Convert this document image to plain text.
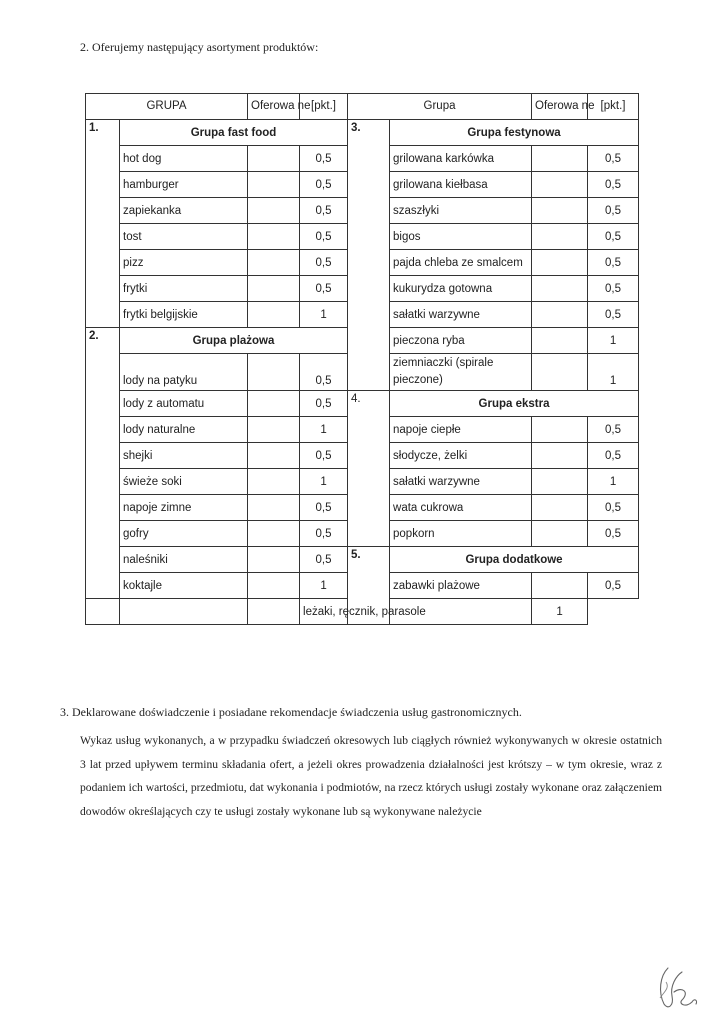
2. Oferujemy następujący asortyment produktów:
GRUPA		Oferowa ne	[pkt.]	Grupa		Oferowa ne	[pkt.]
1.	Grupa fast food			3.	Grupa festynowa		
	hot dog		0,5		grilowana karkówka		0,5
	hamburger		0,5		grilowana kiełbasa		0,5
	zapiekanka		0,5		szaszłyki		0,5
	tost		0,5		bigos		0,5
	pizz		0,5		pajda chleba ze smalcem		0,5
	frytki		0,5		kukurydza gotowna		0,5
	frytki belgijskie		1		sałatki warzywne		0,5
2.	Grupa plażowa				pieczona ryba		1
	lody na patyku		0,5		ziemniaczki (spirale pieczone)		1
	lody z automatu		0,5	4.	Grupa ekstra		
	lody naturalne		1		napoje ciepłe		0,5
	shejki		0,5		słodycze, żelki		0,5
	świeże soki		1		sałatki warzywne		1
	napoje zimne		0,5		wata cukrowa		0,5
	gofry		0,5		popkorn		0,5
	naleśniki		0,5	5.	Grupa dodatkowe		
	koktajle		1		zabawki plażowe		0,5
			leżaki, ręcznik, parasole			1	
3. Deklarowane doświadczenie i posiadane rekomendacje świadczenia usług gastronomicznych.
Wykaz usług wykonanych, a w przypadku świadczeń okresowych lub ciągłych również wykonywanych w okresie ostatnich 3 lat przed upływem terminu składania ofert, a jeżeli okres prowadzenia działalności jest krótszy – w tym okresie, wraz z podaniem ich wartości, przedmiotu, dat wykonania i podmiotów, na rzecz których usługi zostały wykonane oraz załączeniem dowodów określających czy te usługi zostały wykonane lub są wykonywane należycie
